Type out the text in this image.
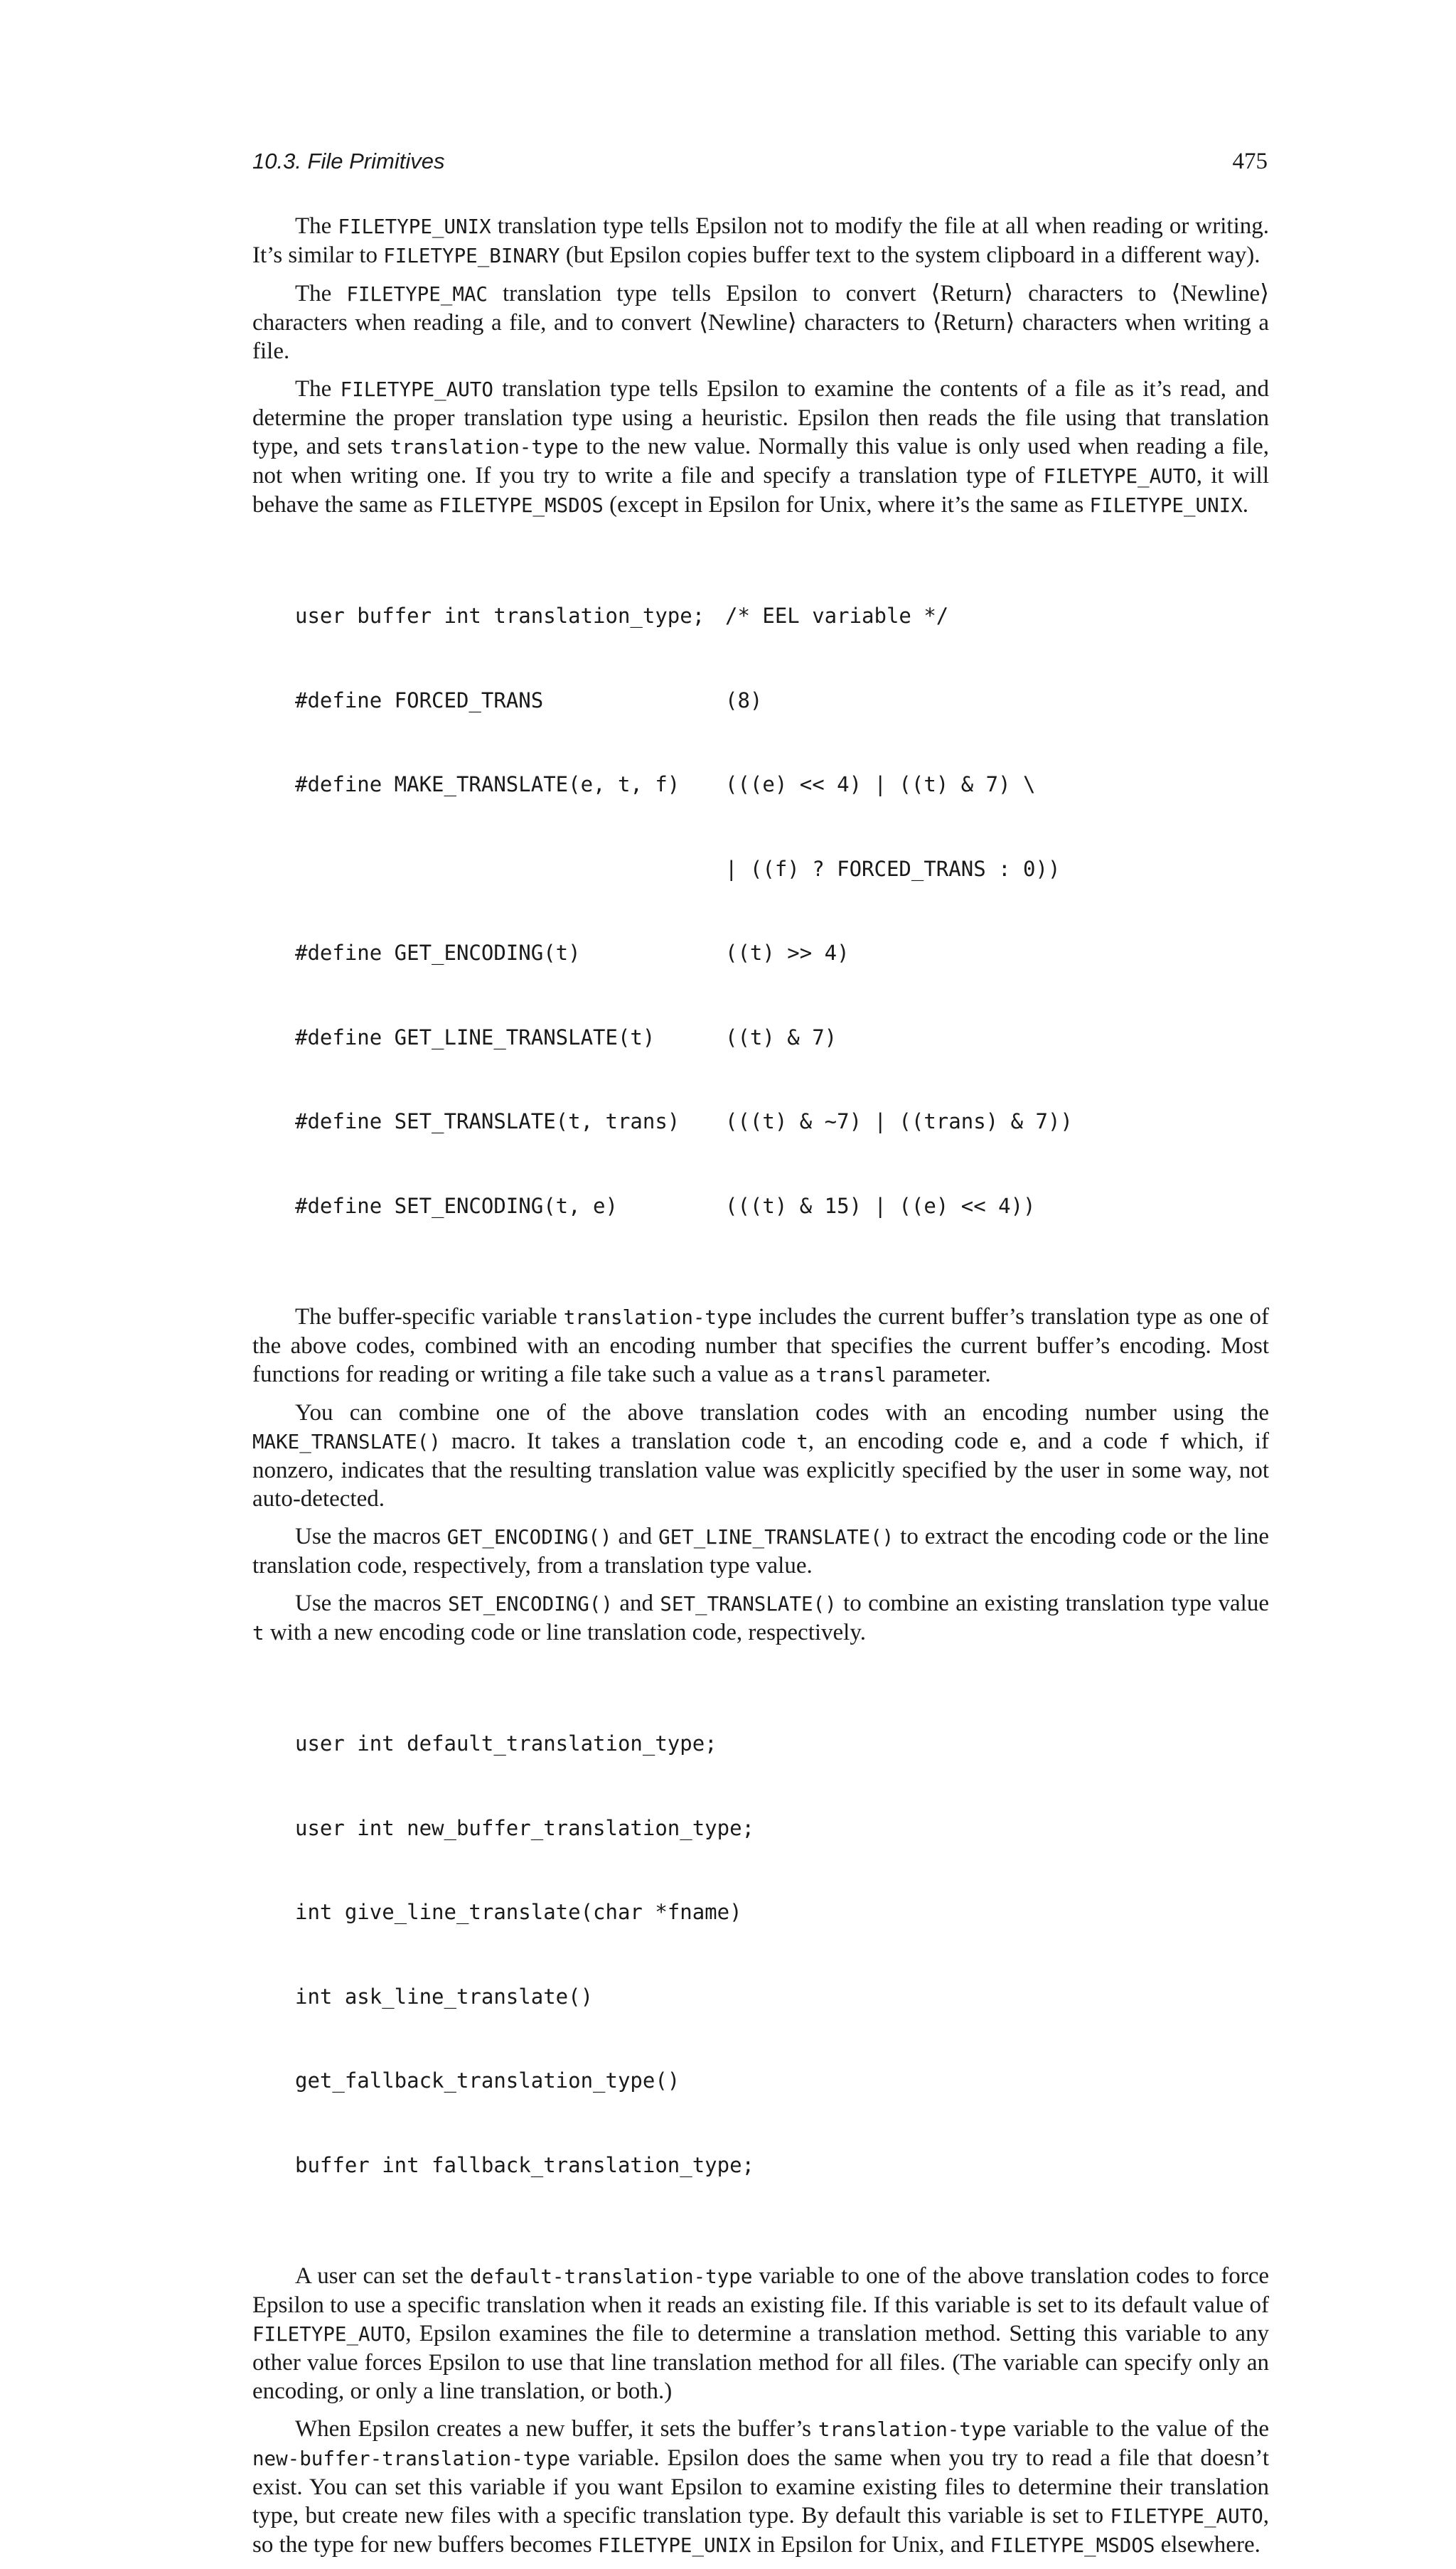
10.3. File Primitives	475

The FILETYPE_UNIX translation type tells Epsilon not to modify the file at all when reading or writing. It’s similar to FILETYPE_BINARY (but Epsilon copies buffer text to the system clipboard in a different way).

The FILETYPE_MAC translation type tells Epsilon to convert ⟨Return⟩ characters to ⟨Newline⟩ characters when reading a file, and to convert ⟨Newline⟩ characters to ⟨Return⟩ characters when writing a file.

The FILETYPE_AUTO translation type tells Epsilon to examine the contents of a file as it’s read, and determine the proper translation type using a heuristic. Epsilon then reads the file using that translation type, and sets translation-type to the new value. Normally this value is only used when reading a file, not when writing one. If you try to write a file and specify a translation type of FILETYPE_AUTO, it will behave the same as FILETYPE_MSDOS (except in Epsilon for Unix, where it’s the same as FILETYPE_UNIX.

user buffer int translation_type; /* EEL variable */

#define FORCED_TRANS	(8)

#define MAKE_TRANSLATE(e, t, f)	(((e) << 4) | ((t) & 7) \

| ((f) ? FORCED_TRANS : 0))

#define GET_ENCODING(t)	((t) >> 4)

#define GET_LINE_TRANSLATE(t)	((t) & 7)

#define SET_TRANSLATE(t, trans)	(((t) & ~7) | ((trans) & 7))

#define SET_ENCODING(t, e)	(((t) & 15) | ((e) << 4))

The buffer-specific variable translation-type includes the current buffer’s translation type as one of the above codes, combined with an encoding number that specifies the current buffer’s encoding. Most functions for reading or writing a file take such a value as a transl parameter.

You can combine one of the above translation codes with an encoding number using the MAKE_TRANSLATE() macro. It takes a translation code t, an encoding code e, and a code f which, if nonzero, indicates that the resulting translation value was explicitly specified by the user in some way, not auto-detected.

Use the macros GET_ENCODING() and GET_LINE_TRANSLATE() to extract the encoding code or the line translation code, respectively, from a translation type value.

Use the macros SET_ENCODING() and SET_TRANSLATE() to combine an existing translation type value t with a new encoding code or line translation code, respectively.

user int default_translation_type;

user int new_buffer_translation_type;

int give_line_translate(char *fname)

int ask_line_translate()

get_fallback_translation_type()

buffer int fallback_translation_type;

A user can set the default-translation-type variable to one of the above translation codes to force Epsilon to use a specific translation when it reads an existing file. If this variable is set to its default value of FILETYPE_AUTO, Epsilon examines the file to determine a translation method. Setting this variable to any other value forces Epsilon to use that line translation method for all files. (The variable can specify only an encoding, or only a line translation, or both.)

When Epsilon creates a new buffer, it sets the buffer’s translation-type variable to the value of the new-buffer-translation-type variable. Epsilon does the same when you try to read a file that doesn’t exist. You can set this variable if you want Epsilon to examine existing files to determine their translation type, but create new files with a specific translation type. By default this variable is set to FILETYPE_AUTO, so the type for new buffers becomes FILETYPE_UNIX in Epsilon for Unix, and FILETYPE_MSDOS elsewhere.
